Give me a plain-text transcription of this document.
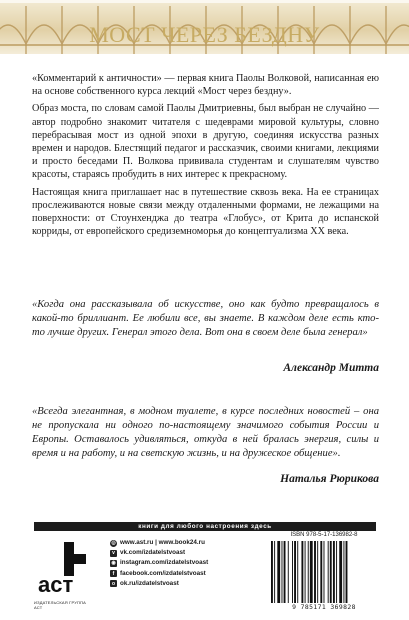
МОСТ ЧЕРЕЗ БЕЗДНУ

«Комментарий к античности» — первая книга Паолы Волковой, написанная ею на основе собственного курса лекций «Мост через бездну».

Образ моста, по словам самой Паолы Дмитриевны, был выбран не случайно — автор подробно знакомит читателя с шедеврами мировой культуры, словно перебрасывая мост из одной эпохи в другую, соединяя искусства разных времен и народов. Блестящий педагог и рассказчик, своими книгами, лекциями и просто беседами П. Волкова прививала студентам и слушателям чувство красоты, стараясь пробудить в них интерес к прекрасному.

Настоящая книга приглашает нас в путешествие сквозь века. На ее страницах прослеживаются новые связи между отдаленными формами, не лежащими на поверхности: от Стоунхенджа до театра «Глобус», от Крита до испанской корриды, от европейского средиземноморья до концептуализма XX века.

«Когда она рассказывала об искусстве, оно как будто превращалось в какой-то бриллиант. Ее любили все, вы знаете. В каждом деле есть кто-то лучше других. Генерал этого дела. Вот она в своем деле была генерал»
Александр Митта
«Всегда элегантная, в модном туалете, в курсе последних новостей – она не пропускала ни одного по-настоящему значимого события России и Европы. Оставалось удивляться, откуда в ней бралась энергия, силы и время и на работу, и на светскую жизнь, и на дружеское общение».
Наталья Рюрикова
книги для любого настроения здесь
аст
ИЗДАТЕЛЬСКАЯ ГРУППА АСТ
◎ www.ast.ru | www.book24.ru
v vk.com/izdatelstvoast
◉ instagram.com/izdatelstvoast
f facebook.com/izdatelstvoast
o ok.ru/izdatelstvoast
ISBN 978-5-17-136982-8
9 785171 369828
